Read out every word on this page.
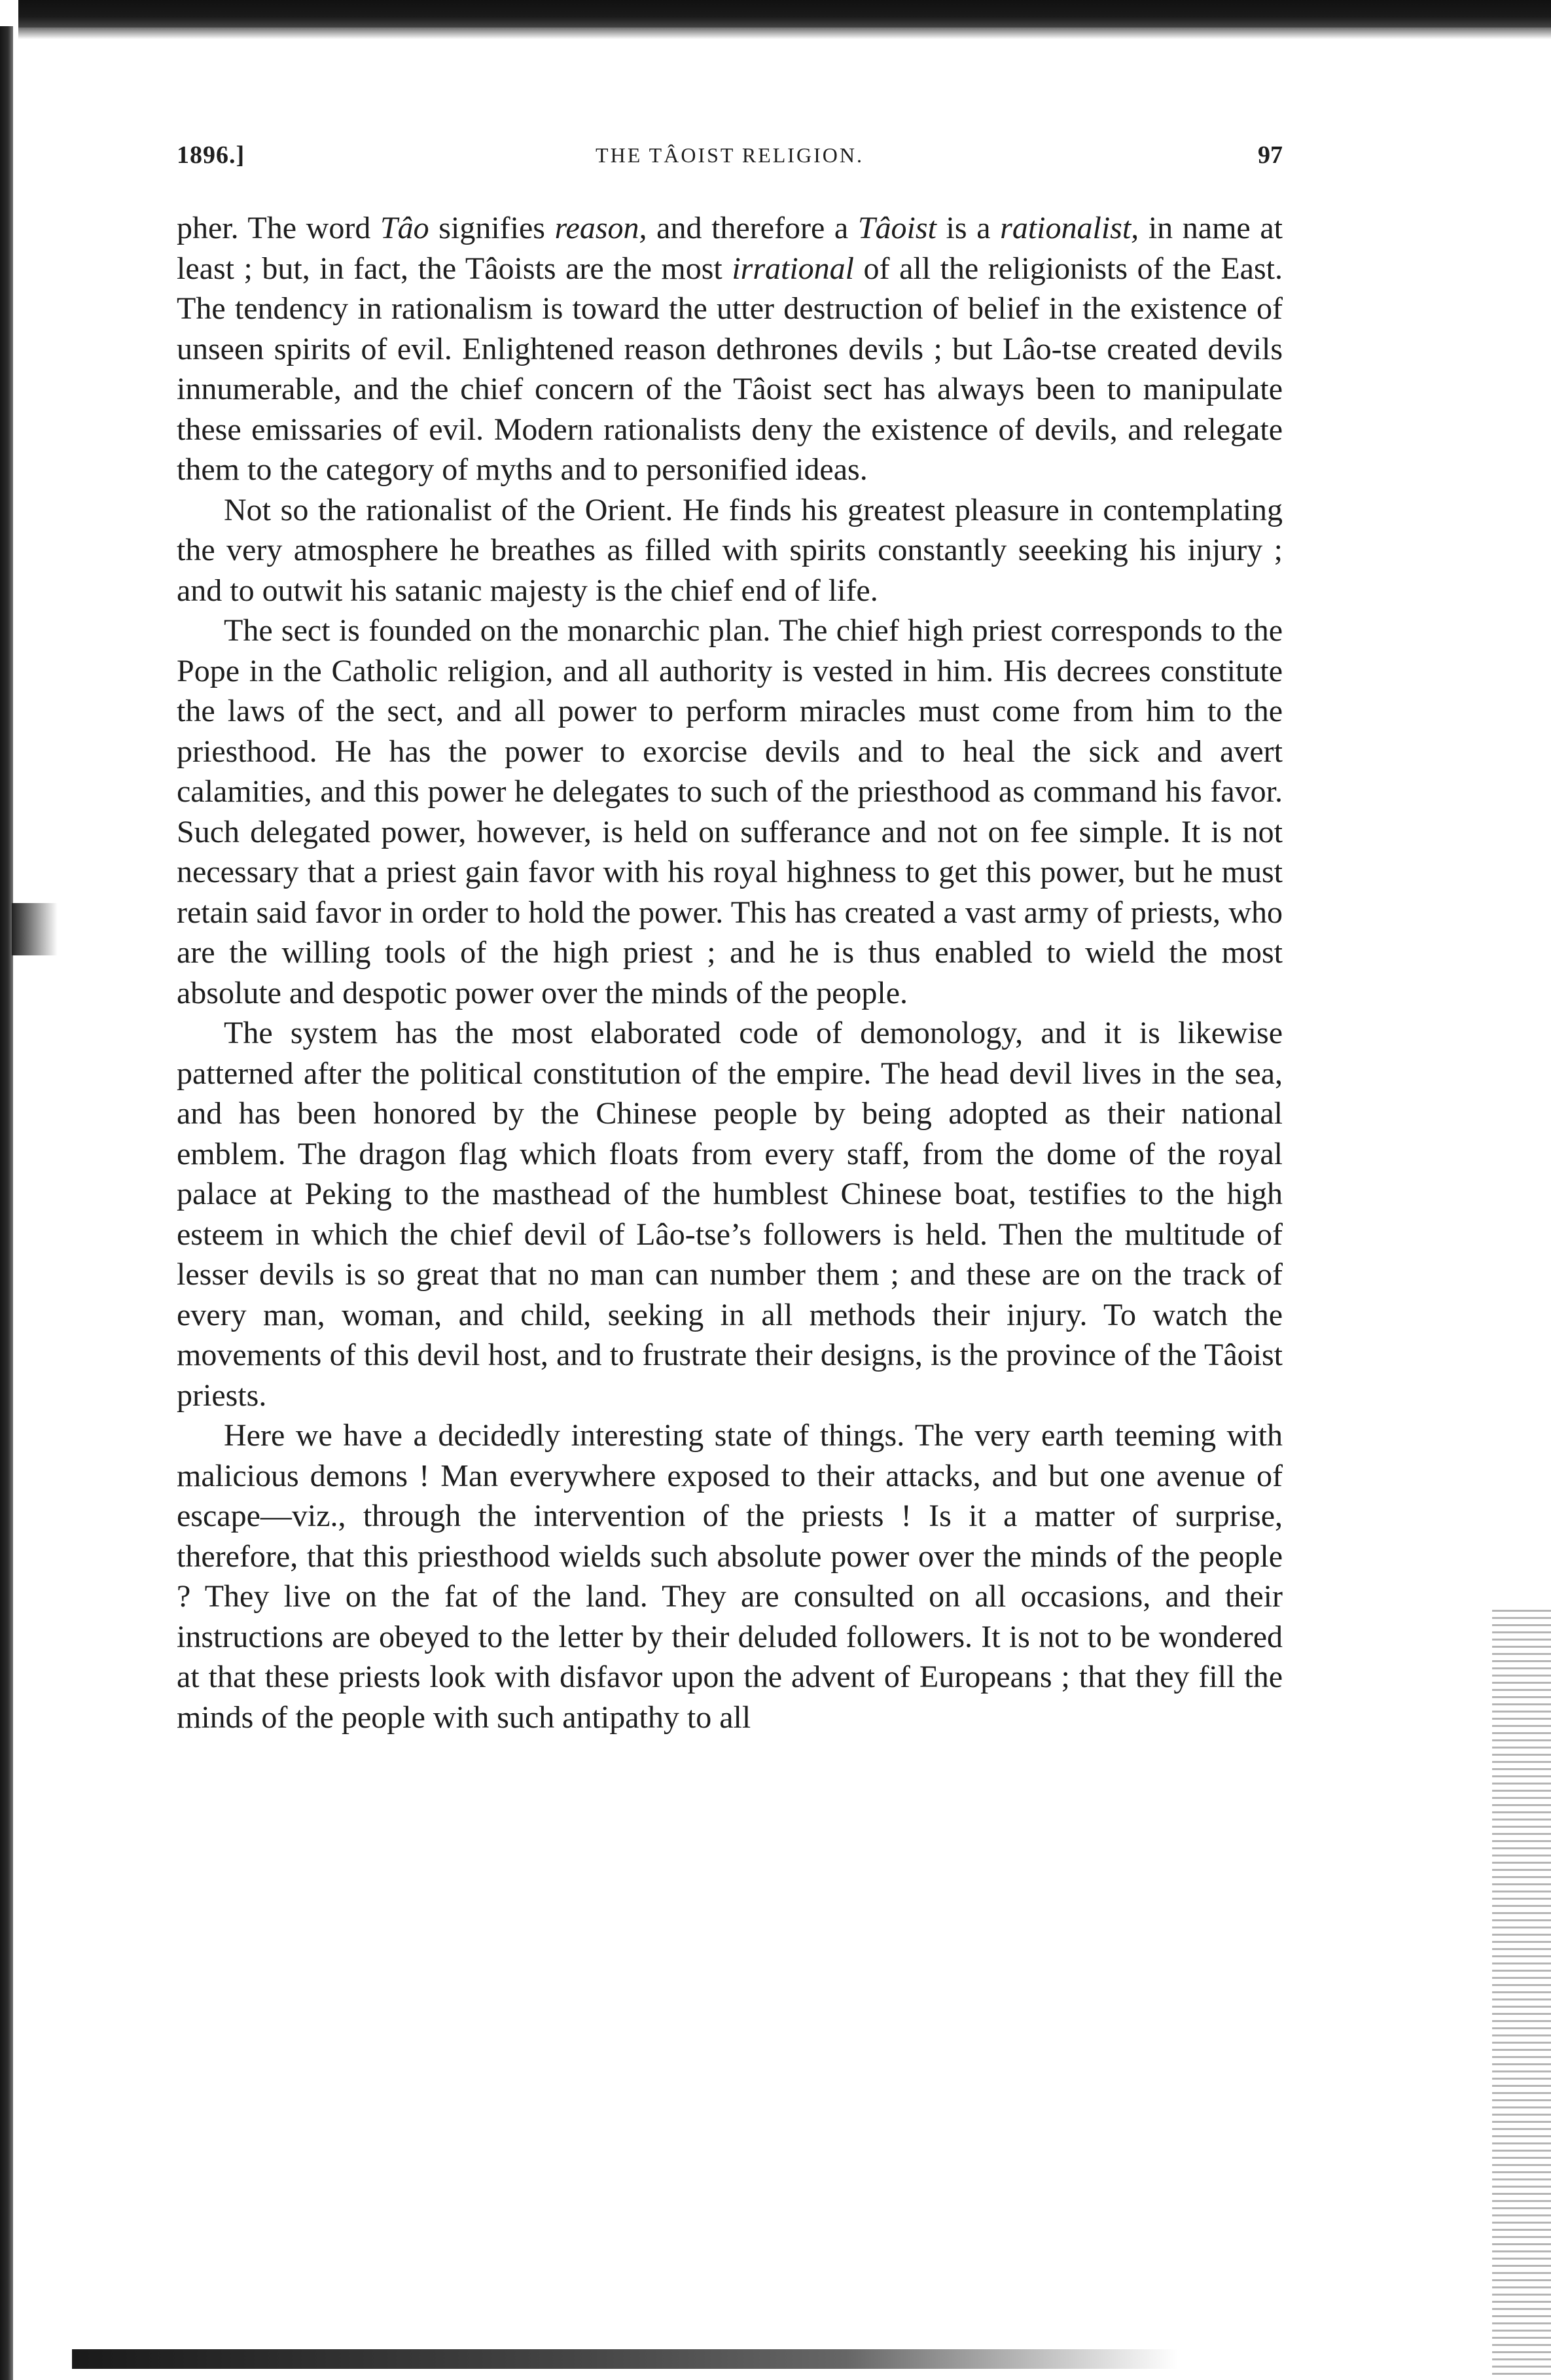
1896.]	THE TÂOIST RELIGION.	97

pher. The word Tâo signifies reason, and therefore a Tâoist is a rationalist, in name at least ; but, in fact, the Tâoists are the most irrational of all the religionists of the East. The tendency in rationalism is toward the utter destruction of belief in the existence of unseen spirits of evil. Enlightened reason dethrones devils ; but Lâo-tse created devils innumerable, and the chief concern of the Tâoist sect has always been to manipulate these emissaries of evil. Modern rationalists deny the existence of devils, and relegate them to the category of myths and to personified ideas.

Not so the rationalist of the Orient. He finds his greatest pleasure in contemplating the very atmosphere he breathes as filled with spirits constantly seeeking his injury ; and to outwit his satanic majesty is the chief end of life.

The sect is founded on the monarchic plan. The chief high priest corresponds to the Pope in the Catholic religion, and all authority is vested in him. His decrees constitute the laws of the sect, and all power to perform miracles must come from him to the priesthood. He has the power to exorcise devils and to heal the sick and avert calamities, and this power he delegates to such of the priesthood as command his favor. Such delegated power, however, is held on sufferance and not on fee simple. It is not necessary that a priest gain favor with his royal highness to get this power, but he must retain said favor in order to hold the power. This has created a vast army of priests, who are the willing tools of the high priest ; and he is thus enabled to wield the most absolute and despotic power over the minds of the people.

The system has the most elaborated code of demonology, and it is likewise patterned after the political constitution of the empire. The head devil lives in the sea, and has been honored by the Chinese people by being adopted as their national emblem. The dragon flag which floats from every staff, from the dome of the royal palace at Peking to the masthead of the humblest Chinese boat, testifies to the high esteem in which the chief devil of Lâo-tse’s followers is held. Then the multitude of lesser devils is so great that no man can number them ; and these are on the track of every man, woman, and child, seeking in all methods their injury. To watch the movements of this devil host, and to frustrate their designs, is the province of the Tâoist priests.

Here we have a decidedly interesting state of things. The very earth teeming with malicious demons ! Man everywhere exposed to their attacks, and but one avenue of escape—viz., through the intervention of the priests ! Is it a matter of surprise, therefore, that this priesthood wields such absolute power over the minds of the people ? They live on the fat of the land. They are consulted on all occasions, and their instructions are obeyed to the letter by their deluded followers. It is not to be wondered at that these priests look with disfavor upon the advent of Europeans ; that they fill the minds of the people with such antipathy to all
